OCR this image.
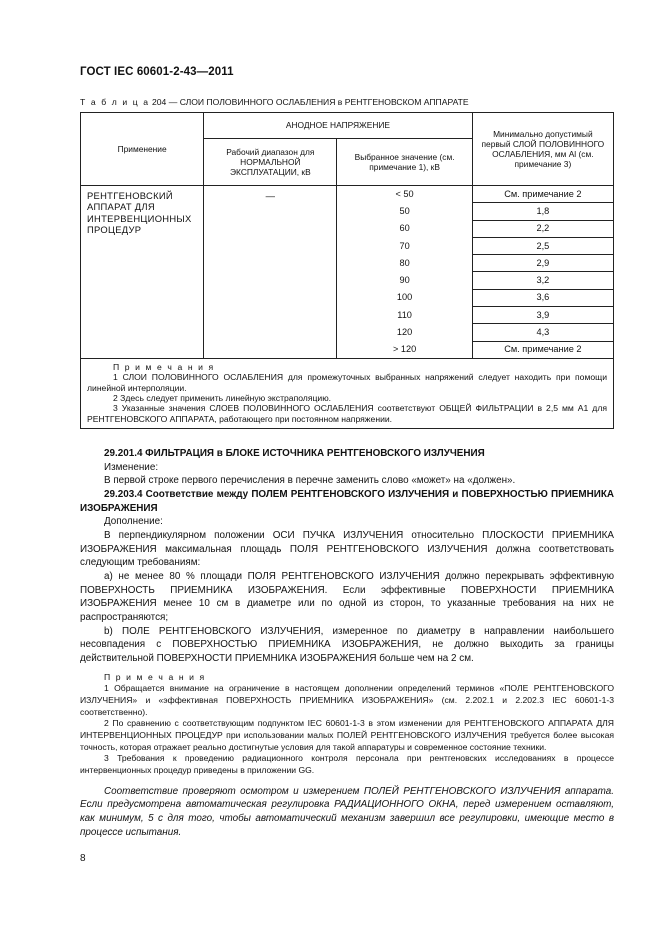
ГОСТ IEC 60601-2-43—2011
Т а б л и ц а 204 — СЛОИ ПОЛОВИННОГО ОСЛАБЛЕНИЯ в РЕНТГЕНОВСКОМ АППАРАТЕ
Применение	АНОДНОЕ НАПРЯЖЕНИЕ		Минимально допустимый первый СЛОЙ ПОЛОВИННОГО ОСЛАБЛЕНИЯ, мм Al (см. примечание 3)
	Рабочий диапазон для НОРМАЛЬНОЙ ЭКСПЛУАТАЦИИ, кВ	Выбранное значение (см. примечание 1), кВ	
РЕНТГЕНОВСКИЙ АППАРАТ ДЛЯ ИНТЕРВЕНЦИОННЫХ ПРОЦЕДУР	—	< 50	См. примечание 2
		50	1,8
		60	2,2
		70	2,5
		80	2,9
		90	3,2
		100	3,6
		110	3,9
		120	4,3
		> 120	См. примечание 2

П р и м е ч а н и я

1 СЛОИ ПОЛОВИННОГО ОСЛАБЛЕНИЯ для промежуточных выбранных напряжений следует находить при помощи линейной интерполяции.

2 Здесь следует применить линейную экстраполяцию.

3 Указанные значения СЛОЕВ ПОЛОВИННОГО ОСЛАБЛЕНИЯ соответствуют ОБЩЕЙ ФИЛЬТРАЦИИ в 2,5 мм А1 для РЕНТГЕНОВСКОГО АППАРАТА, работающего при постоянном напряжении.			

29.201.4 ФИЛЬТРАЦИЯ в БЛОКЕ ИСТОЧНИКА РЕНТГЕНОВСКОГО ИЗЛУЧЕНИЯ

Изменение:

В первой строке первого перечисления в перечне заменить слово «может» на «должен».

29.203.4 Соответствие между ПОЛЕМ РЕНТГЕНОВСКОГО ИЗЛУЧЕНИЯ и ПОВЕРХНОСТЬЮ ПРИЕМНИКА ИЗОБРАЖЕНИЯ

Дополнение:

В перпендикулярном положении ОСИ ПУЧКА ИЗЛУЧЕНИЯ относительно ПЛОСКОСТИ ПРИЕМНИКА ИЗОБРАЖЕНИЯ максимальная площадь ПОЛЯ РЕНТГЕНОВСКОГО ИЗЛУЧЕНИЯ должна соответствовать следующим требованиям:

a) не менее 80 % площади ПОЛЯ РЕНТГЕНОВСКОГО ИЗЛУЧЕНИЯ должно перекрывать эффективную ПОВЕРХНОСТЬ ПРИЕМНИКА ИЗОБРАЖЕНИЯ. Если эффективные ПОВЕРХНОСТИ ПРИЕМНИКА ИЗОБРАЖЕНИЯ менее 10 см в диаметре или по одной из сторон, то указанные требования на них не распространяются;

b) ПОЛЕ РЕНТГЕНОВСКОГО ИЗЛУЧЕНИЯ, измеренное по диаметру в направлении наибольшего несовпадения с ПОВЕРХНОСТЬЮ ПРИЕМНИКА ИЗОБРАЖЕНИЯ, не должно выходить за границы действительной ПОВЕРХНОСТИ ПРИЕМНИКА ИЗОБРАЖЕНИЯ больше чем на 2 см.

П р и м е ч а н и я

1 Обращается внимание на ограничение в настоящем дополнении определений терминов «ПОЛЕ РЕНТГЕНОВСКОГО ИЗЛУЧЕНИЯ» и «эффективная ПОВЕРХНОСТЬ ПРИЕМНИКА ИЗОБРАЖЕНИЯ» (см. 2.202.1 и 2.202.3 IEC 60601-1-3 соответственно).

2 По сравнению с соответствующим подпунктом IEC 60601-1-3 в этом изменении для РЕНТГЕНОВСКОГО АППАРАТА ДЛЯ ИНТЕРВЕНЦИОННЫХ ПРОЦЕДУР при использовании малых ПОЛЕЙ РЕНТГЕНОВСКОГО ИЗЛУЧЕНИЯ требуется более высокая точность, которая отражает реально достигнутые условия для такой аппаратуры и современное состояние техники.

3 Требования к проведению радиационного контроля персонала при рентгеновских исследованиях в процессе интервенционных процедур приведены в приложении GG.

Соответствие проверяют осмотром и измерением ПОЛЕЙ РЕНТГЕНОВСКОГО ИЗЛУЧЕНИЯ аппарата. Если предусмотрена автоматическая регулировка РАДИАЦИОННОГО ОКНА, перед измерением оставляют, как минимум, 5 с для того, чтобы автоматический механизм завершил все регулировки, имеющие место в процессе испытания.

8
